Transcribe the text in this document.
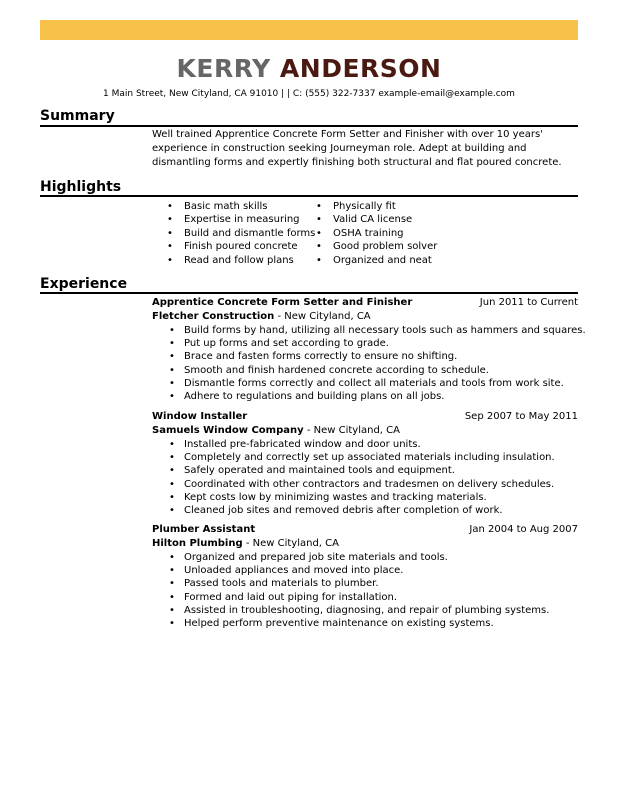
KERRY ANDERSON
1 Main Street, New Cityland, CA 91010 | | C: (555) 322-7337 example-email@example.com
Summary
Well trained Apprentice Concrete Form Setter and Finisher with over 10 years' experience in construction seeking Journeyman role. Adept at building and dismantling forms and expertly finishing both structural and flat poured concrete.
Highlights
• Basic math skills
• Expertise in measuring
• Build and dismantle forms
• Finish poured concrete
• Read and follow plans
• Physically fit
• Valid CA license
• OSHA training
• Good problem solver
• Organized and neat
Experience
Apprentice Concrete Form Setter and Finisher	Jun 2011 to Current
Fletcher Construction - New Cityland, CA
• Build forms by hand, utilizing all necessary tools such as hammers and squares.
• Put up forms and set according to grade.
• Brace and fasten forms correctly to ensure no shifting.
• Smooth and finish hardened concrete according to schedule.
• Dismantle forms correctly and collect all materials and tools from work site.
• Adhere to regulations and building plans on all jobs.
Window Installer	Sep 2007 to May 2011
Samuels Window Company - New Cityland, CA
• Installed pre-fabricated window and door units.
• Completely and correctly set up associated materials including insulation.
• Safely operated and maintained tools and equipment.
• Coordinated with other contractors and tradesmen on delivery schedules.
• Kept costs low by minimizing wastes and tracking materials.
• Cleaned job sites and removed debris after completion of work.
Plumber Assistant	Jan 2004 to Aug 2007
Hilton Plumbing - New Cityland, CA
• Organized and prepared job site materials and tools.
• Unloaded appliances and moved into place.
• Passed tools and materials to plumber.
• Formed and laid out piping for installation.
• Assisted in troubleshooting, diagnosing, and repair of plumbing systems.
• Helped perform preventive maintenance on existing systems.
